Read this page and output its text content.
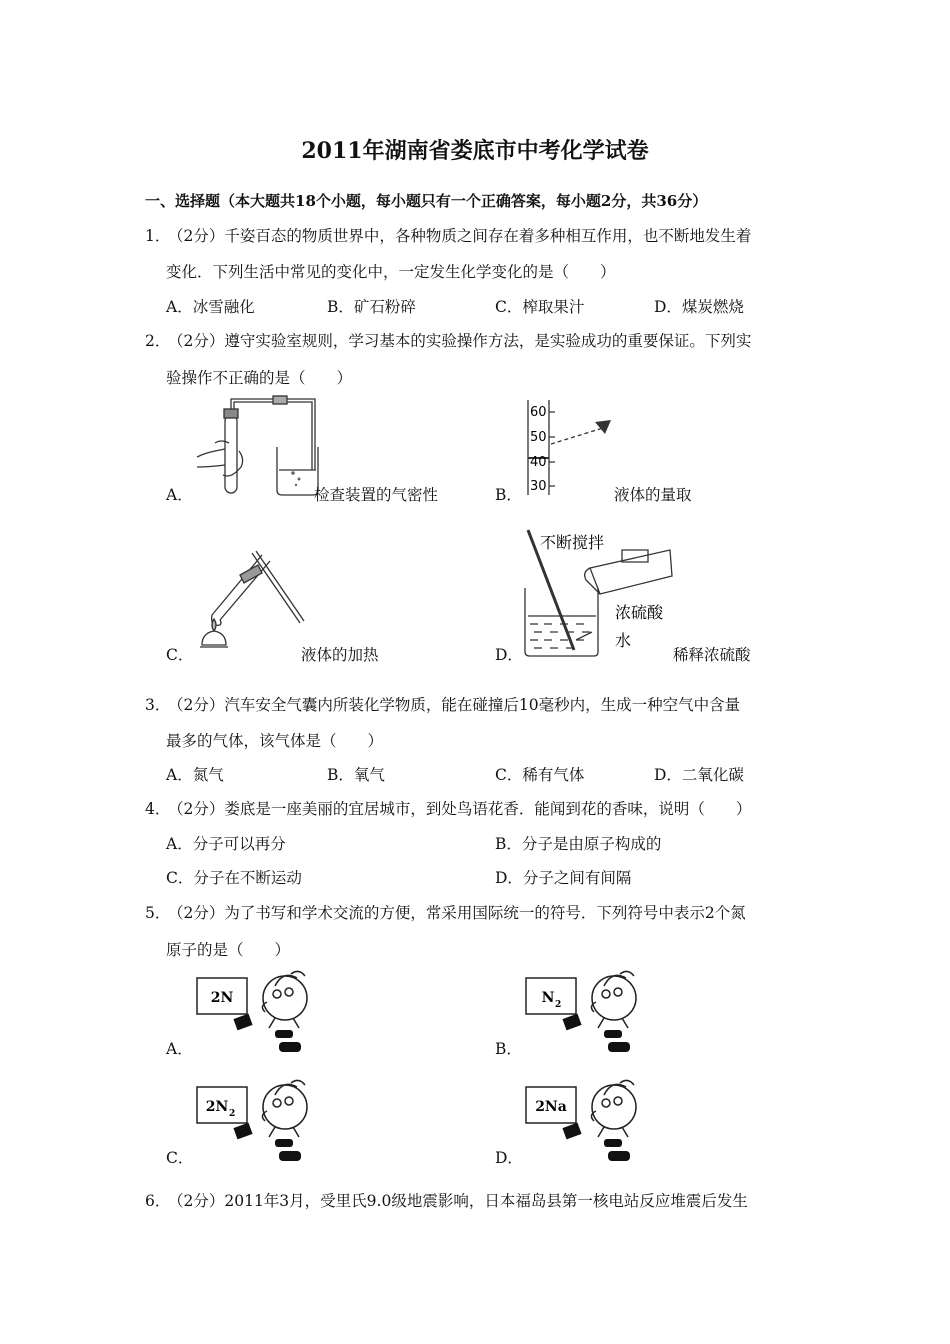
2011年湖南省娄底市中考化学试卷
一、选择题（本大题共18个小题，每小题只有一个正确答案，每小题2分，共36分）
1．
（2分）千姿百态的物质世界中，各种物质之间存在着多种相互作用，也不断地发生着
变化．下列生活中常见的变化中，一定发生化学变化的是（　　）
A．冰雪融化	B．矿石粉碎	C．榨取果汁	D．煤炭燃烧
2．
（2分）遵守实验室规则，学习基本的实验操作方法，是实验成功的重要保证。下列实
验操作不正确的是（　　）
A．	检查装置的气密性
60
50
40
30
B．	液体的量取
C．	液体的加热
不断搅拌
浓硫酸
水
D．	稀释浓硫酸
3．
（2分）汽车安全气囊内所装化学物质，能在碰撞后10毫秒内，生成一种空气中含量
最多的气体，该气体是（　　）
A．氮气	B．氧气	C．稀有气体	D．二氧化碳
4．
（2分）娄底是一座美丽的宜居城市，到处鸟语花香．能闻到花的香味，说明（　　）
A．分子可以再分	B．分子是由原子构成的
C．分子在不断运动	D．分子之间有间隔
5．
（2分）为了书写和学术交流的方便，常采用国际统一的符号．下列符号中表示2个氮
原子的是（　　）
2N
A．
N 2
B．
2N 2
C．
2Na
D．
6．
（2分）2011年3月，受里氏9.0级地震影响，日本福岛县第一核电站反应堆震后发生
